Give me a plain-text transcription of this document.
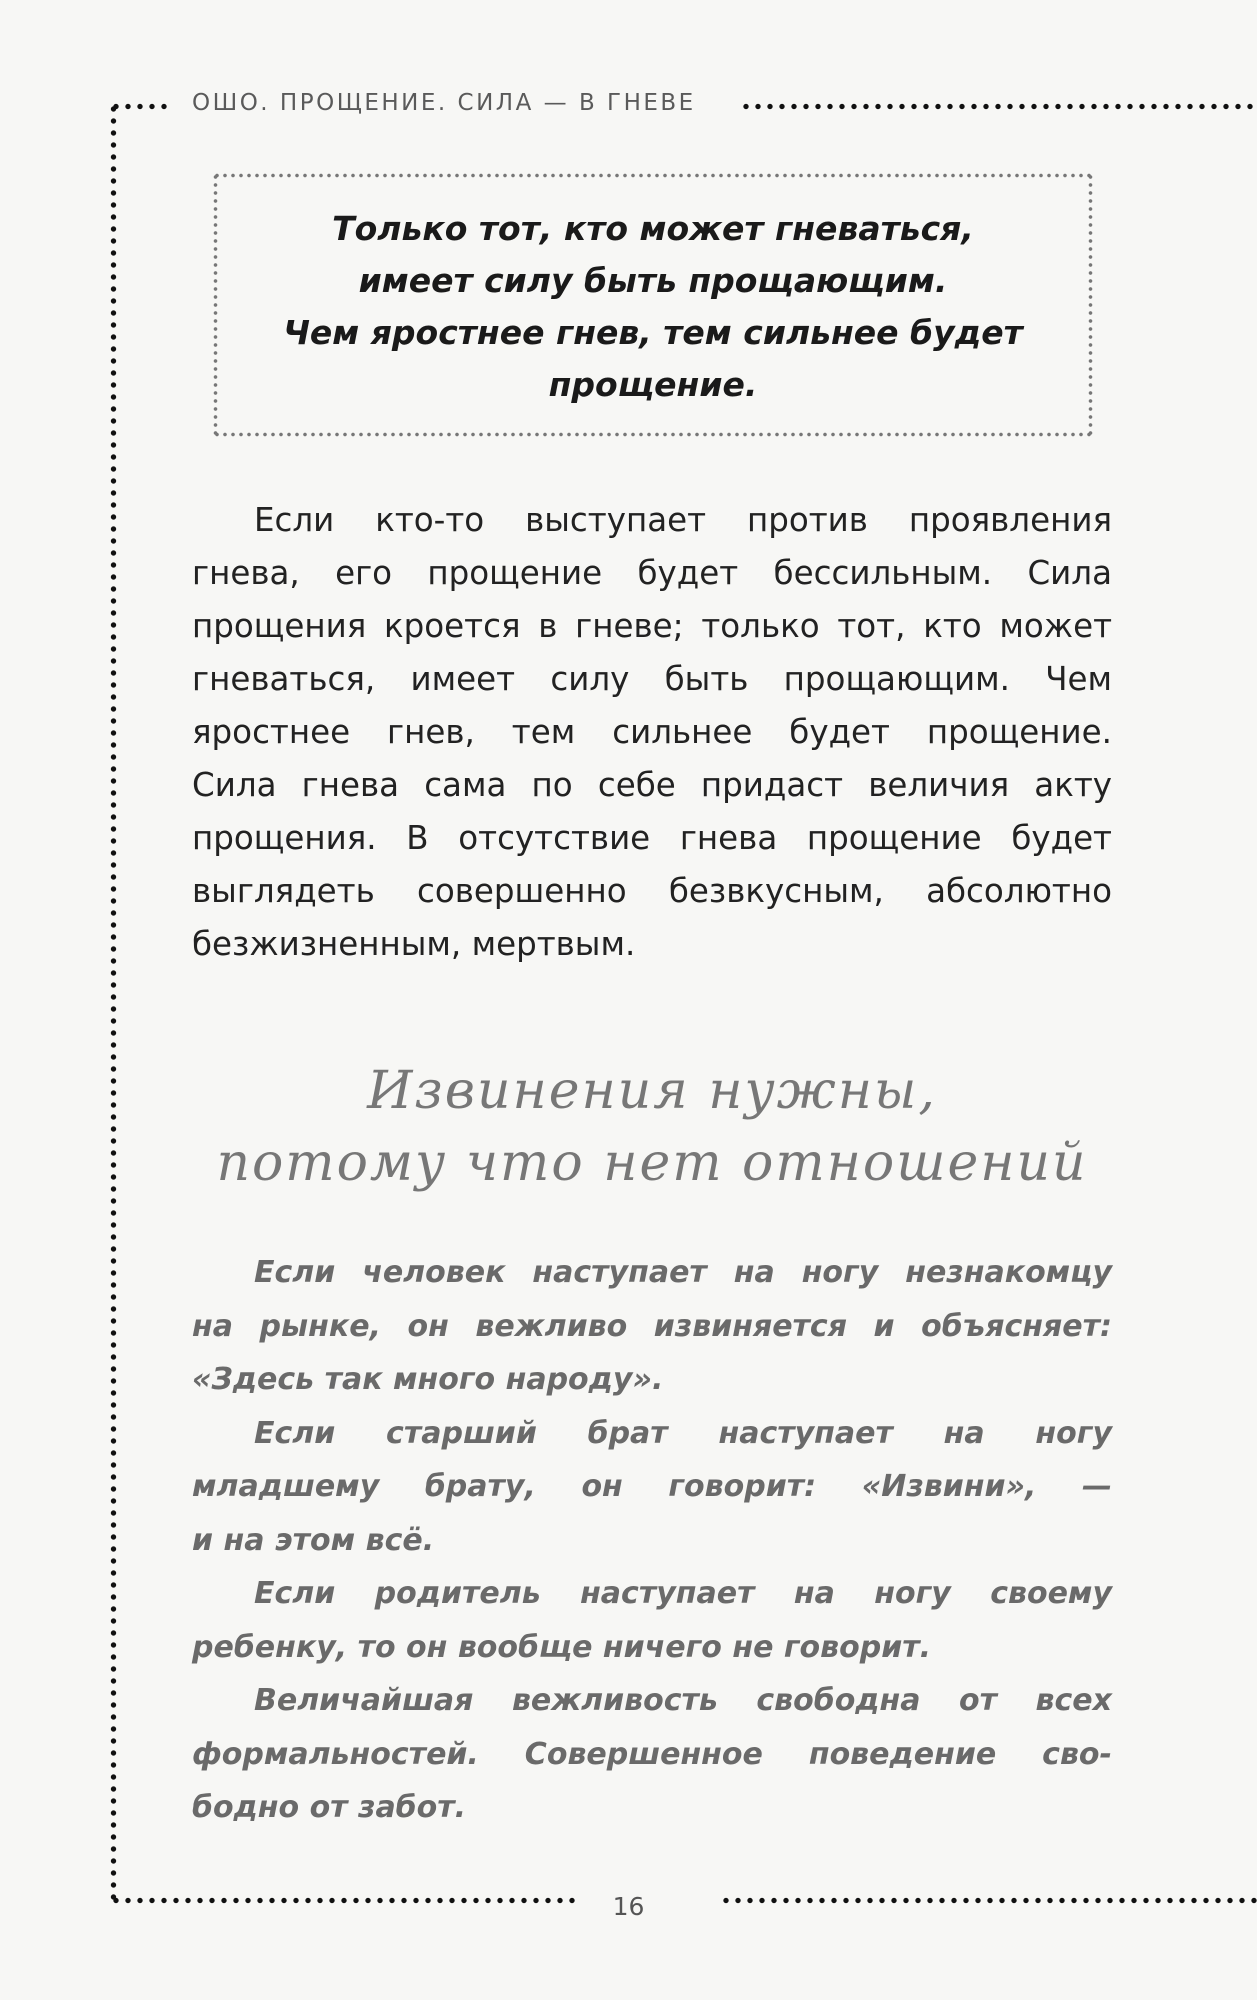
ОШО. ПРОЩЕНИЕ. СИЛА — В ГНЕВЕ
Только тот, кто может гневаться,
имеет силу быть прощающим.
Чем яростнее гнев, тем сильнее будет
прощение.
Если кто-то выступает против проявления
гнева, его прощение будет бессильным. Сила
прощения кроется в гневе; только тот, кто может
гневаться, имеет силу быть прощающим. Чем
яростнее гнев, тем сильнее будет прощение.
Сила гнева сама по себе придаст величия акту
прощения. В отсутствие гнева прощение будет
выглядеть совершенно безвкусным, абсолютно
безжизненным, мертвым.
Извинения нужны,
потому что нет отношений
Если человек наступает на ногу незнакомцу
на рынке, он вежливо извиняется и объясняет:
«Здесь так много народу».
Если старший брат наступает на ногу
младшему брату, он говорит: «Извини», —
и на этом всё.
Если родитель наступает на ногу своему
ребенку, то он вообще ничего не говорит.
Величайшая вежливость свободна от всех
формальностей. Совершенное поведение сво-
бодно от забот.
16
